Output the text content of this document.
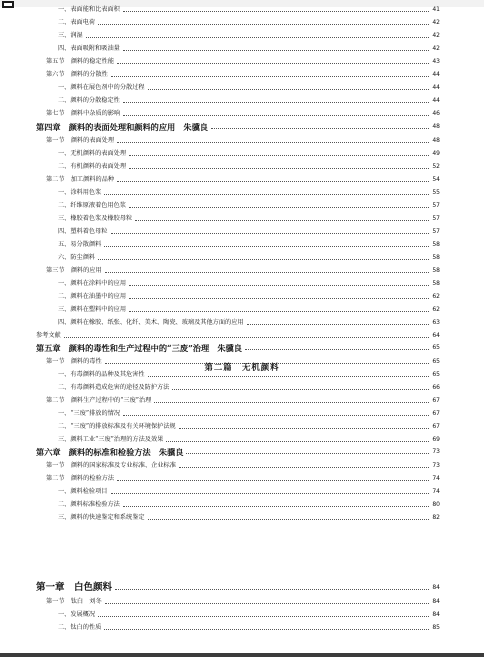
一、表面能和比表面积	41
二、表面电荷	42
三、润湿	42
四、表面吸附和吸油量	42
第五节　颜料的稳定性能	43
第六节　颜料的分散性	44
一、颜料在展色剂中的分散过程	44
二、颜料的分散稳定性	44
第七节　颜料中杂质的影响	46
第四章　颜料的表面处理和颜料的应用　朱骥良	48
第一节　颜料的表面处理	48
一、无机颜料的表面处理	49
二、有机颜料的表面处理	52
第二节　加工颜料的品种	54
一、涂料用色浆	55
二、纤维原液着色用色浆	57
三、橡胶着色浆及橡胶母粒	57
四、塑料着色母粒	57
五、易分散颜料	58
六、防尘颜料	58
第三节　颜料的应用	58
一、颜料在涂料中的应用	58
二、颜料在油墨中的应用	62
三、颜料在塑料中的应用	62
四、颜料在橡胶、纸张、化纤、美术、陶瓷、玻璃及其他方面的应用	63
参考文献	64
第五章　颜料的毒性和生产过程中的“三废”治理　朱骥良	65
第一节　颜料的毒性	65
一、有毒颜料的品种及其危害性	65
二、有毒颜料造成危害的途径及防护方法	66
第二节　颜料生产过程中的“三废”治理	67
一、“三废”排放的情况	67
二、“三废”的排放标准及有关环境保护法规	67
三、颜料工业“三废”治理的方法及效果	69
第六章　颜料的标准和检验方法　朱骥良	73
第一节　颜料的国家标准及专业标准、企业标准	73
第二节　颜料的检验方法	74
一、颜料检验项目	74
二、颜料标准检验方法	80
三、颜料的快速鉴定和系统鉴定	82
第一章　白色颜料	84
第一节　钛白　刘冬	84
一、发展概况	84
二、钛白的性质	85
第二篇　无机颜料
